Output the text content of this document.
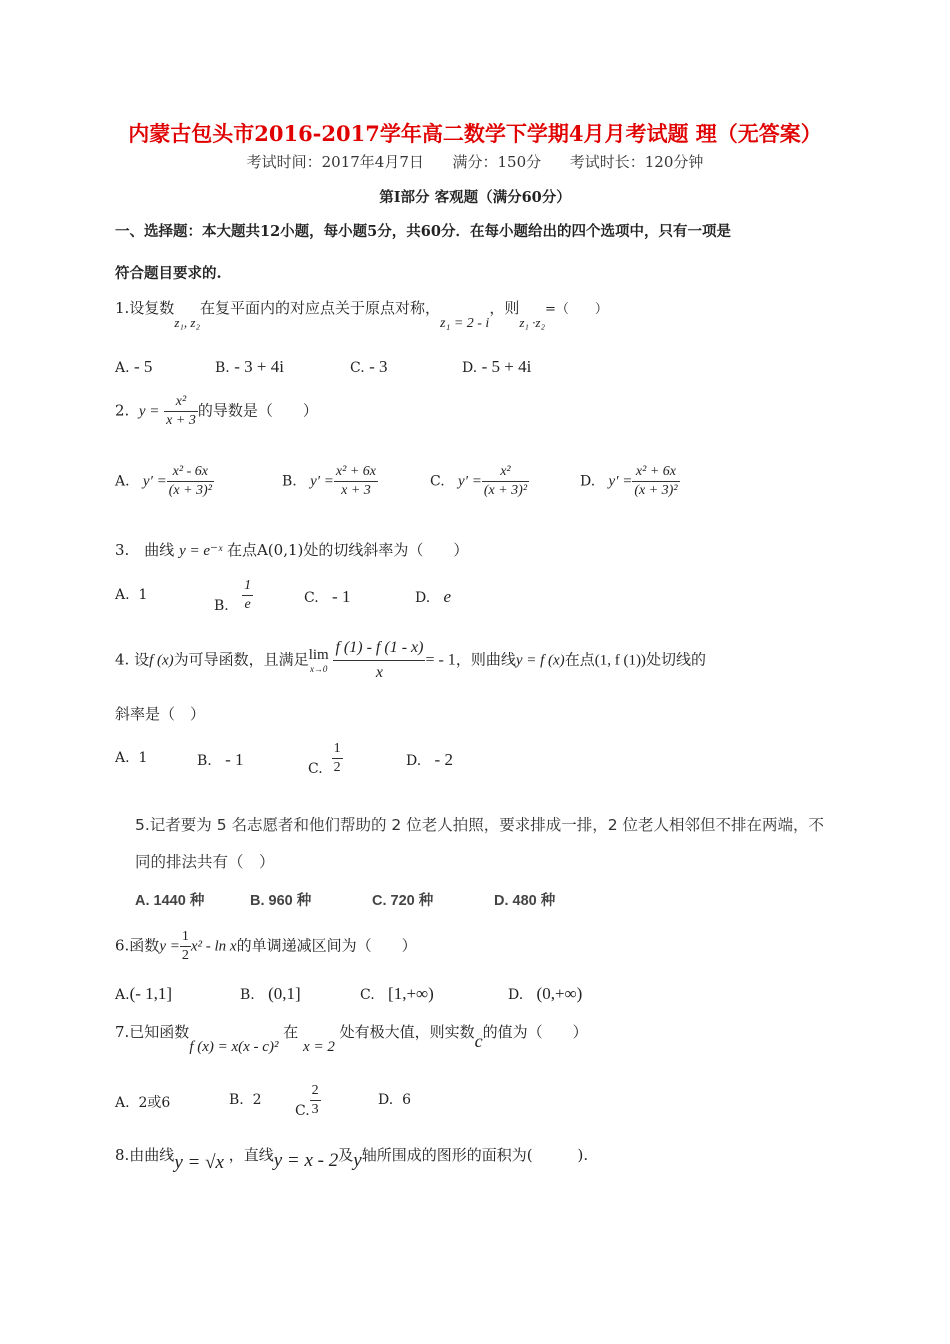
内蒙古包头市2016-2017学年高二数学下学期4月月考试题 理（无答案）
考试时间：2017年4月7日 满分：150分 考试时长：120分钟
第Ⅰ部分 客观题（满分60分）
一、选择题：本大题共12小题，每小题5分，共60分．在每小题给出的四个选项中，只有一项是
符合题目要求的.
1.设复数z₁, z₂在复平面内的对应点关于原点对称，z₁ = 2 - i，则z₁ ·z₂=（　　）
A. - 5	B. - 3 + 4i	C. - 3	D. - 5 + 4i
2. $y = \frac{\text{x²}}{x + 3}$ 的导数是（　　）
A. $y' = \frac{\text{x² - 6x}}{\text{(x + 3)²}}$	B. $y' = \frac{\text{x² + 6x}}{x + 3}$	C. $y' = \frac{\text{x²}}{\text{(x + 3)²}}$	D. $y' = \frac{\text{x² + 6x}}{\text{(x + 3)²}}$
3.　曲线 y = e⁻ˣ 在点A(0,1)处的切线斜率为（　　）
A. 1
B. $\frac{1}{e}$	C. - 1	D. e
4. 设f (x)为可导函数，且满足 lim
x→0
$\frac{f (1) - f (1 - x)}{x}$ = - 1，则曲线y = f (x)在点(1, f (1))处切线的
斜率是（　）
A. 1	B. - 1	C. $\frac{1}{2}$	D. - 2
5.记者要为 5 名志愿者和他们帮助的 2 位老人拍照，要求排成一排，2 位老人相邻但不排在两端，不
同的排法共有（　）
A. 1440 种	B. 960 种	C. 720 种	D. 480 种
6.函数$y = \frac{1}{2} x^2 - \ln x$的单调递减区间为（　　）
A.(- 1,1]	B. (0,1]	C. [1,+∞)	D. (0,+∞)
7.已知函数f (x) = x(x - c)² 在 x = 2 处有极大值，则实数c的值为（　　）
A. 2或6	B. 2
C. $\frac{2}{3}$	D. 6
8.由曲线y = √x ，直线y = x - 2及y轴所围成的图形的面积为(　　　).
